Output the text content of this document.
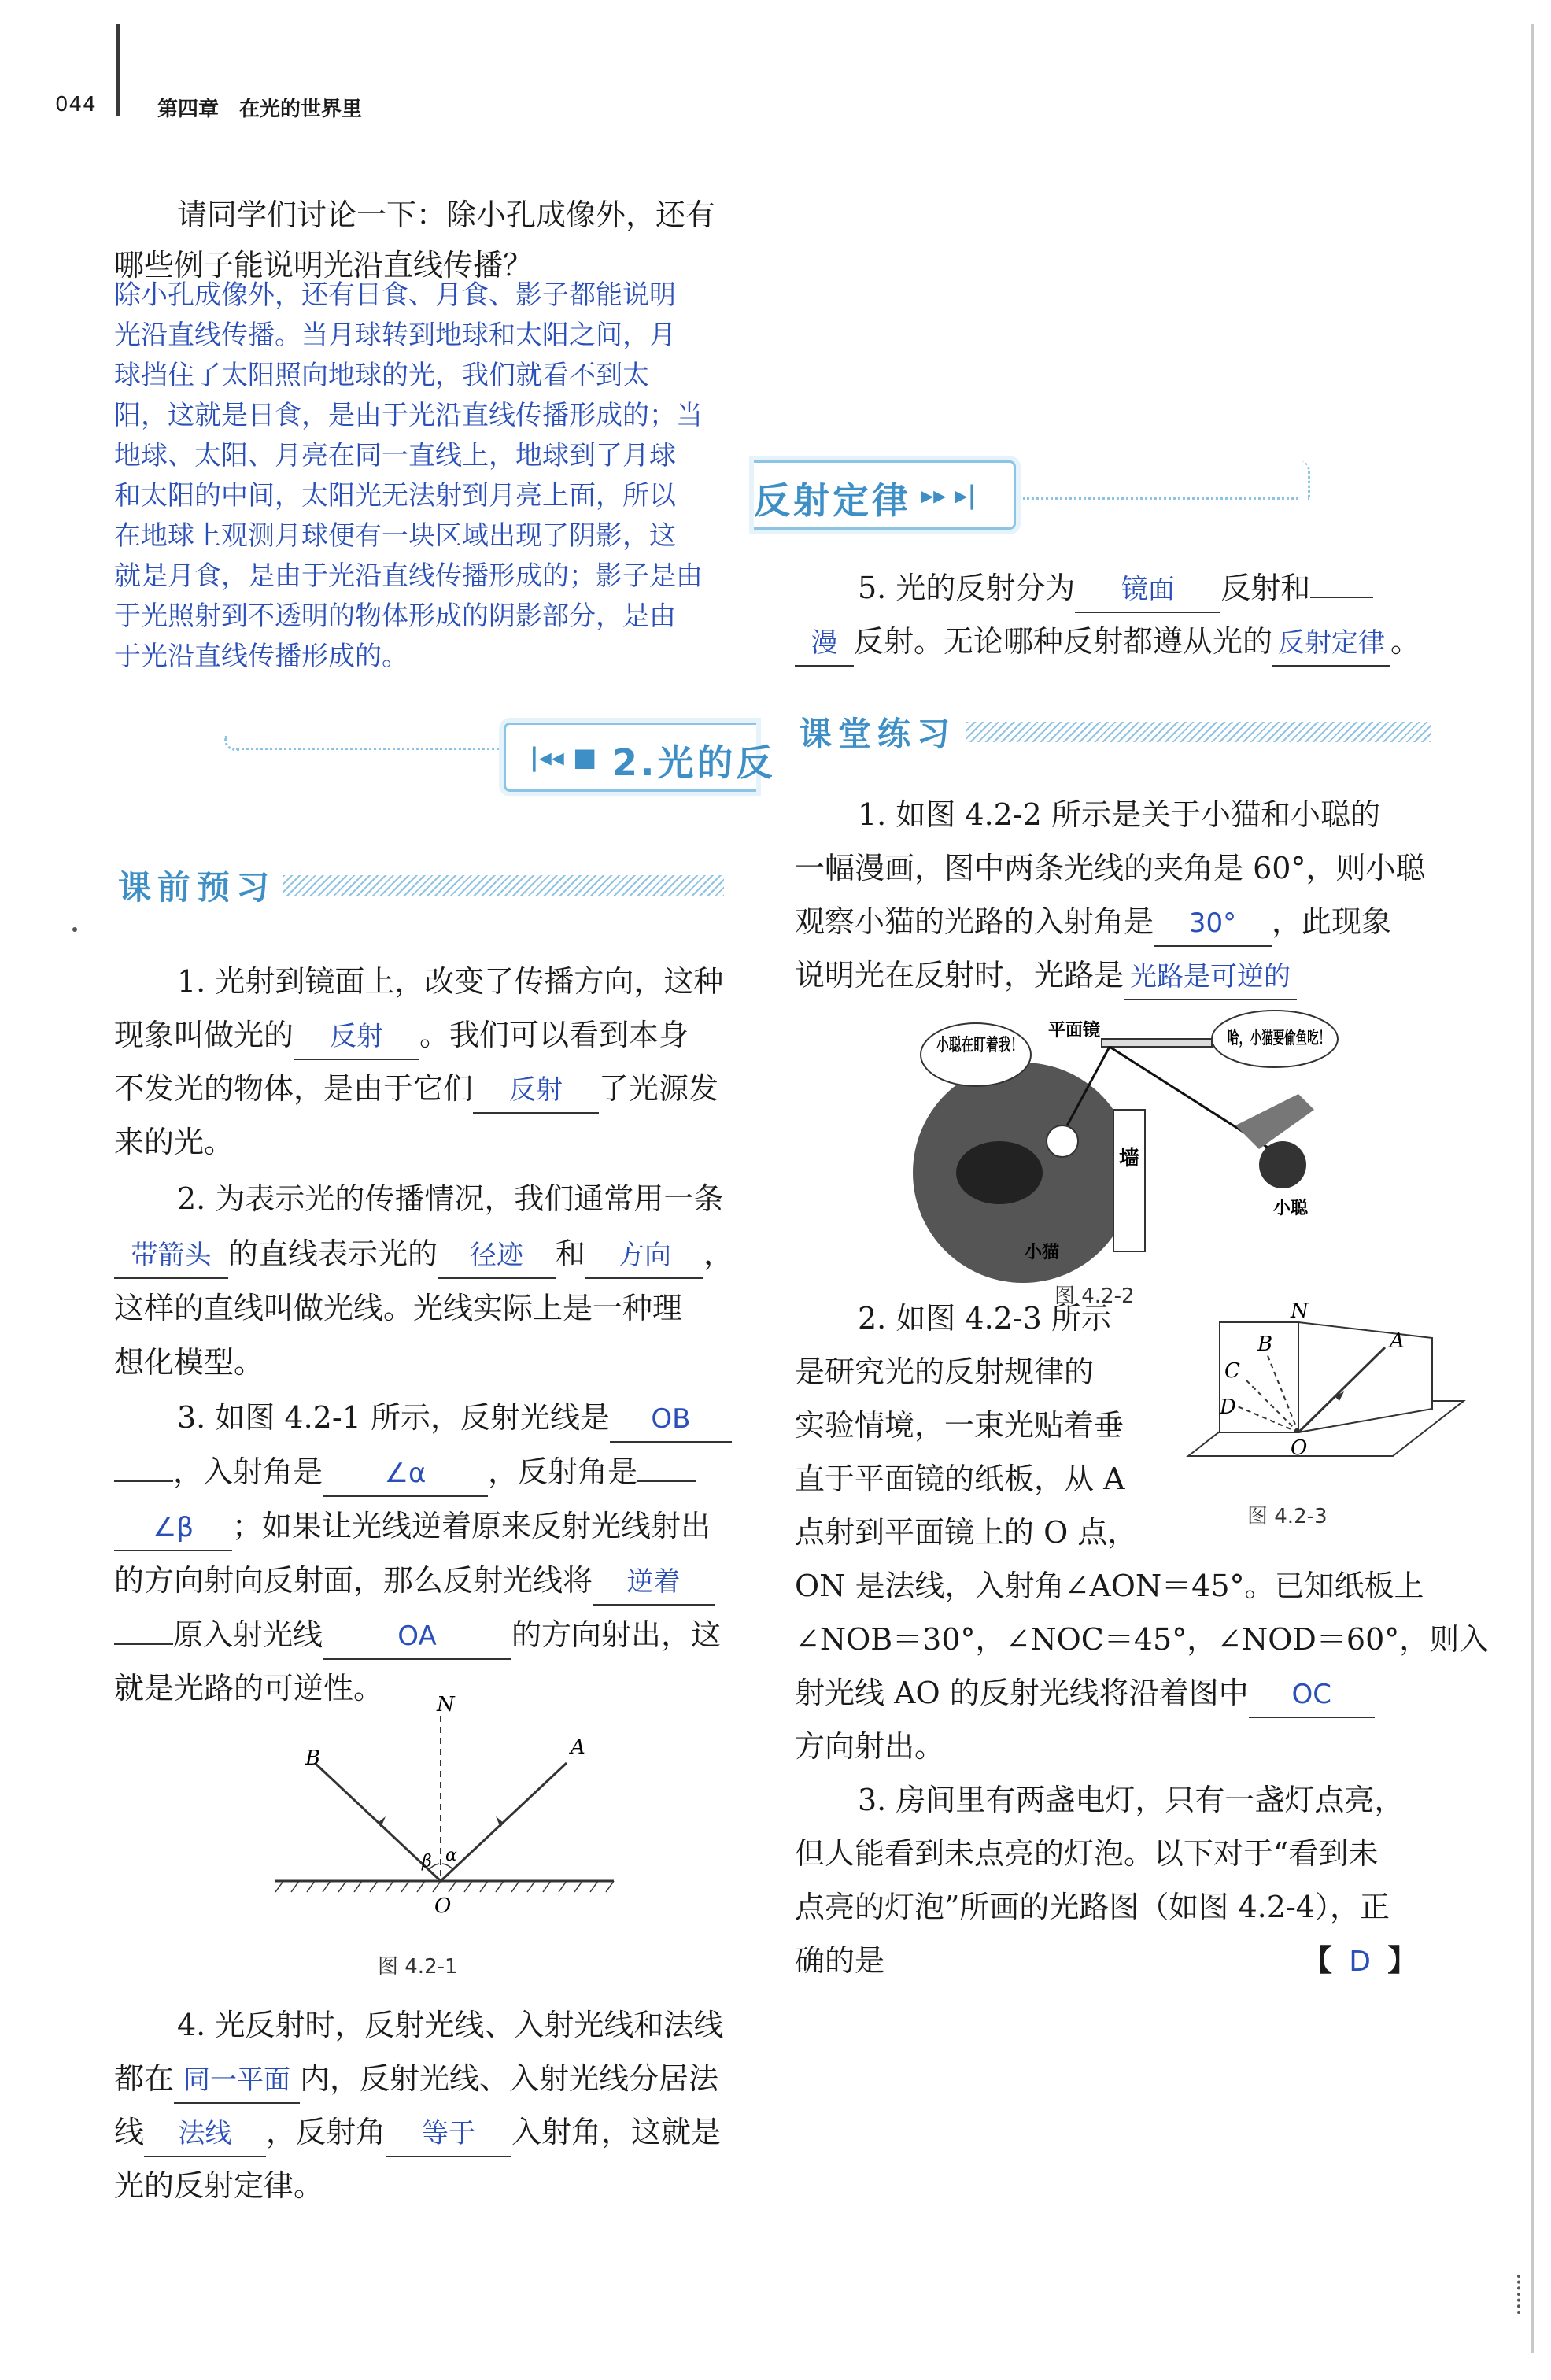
044	第四章　在光的世界里
请同学们讨论一下：除小孔成像外，还有
哪些例子能说明光沿直线传播？
除小孔成像外，还有日食、月食、影子都能说明
光沿直线传播。当月球转到地球和太阳之间，月
球挡住了太阳照向地球的光，我们就看不到太
阳，这就是日食，是由于光沿直线传播形成的；当
地球、太阳、月亮在同一直线上，地球到了月球
和太阳的中间，太阳光无法射到月亮上面，所以
在地球上观测月球便有一块区域出现了阴影，这
就是月食，是由于光沿直线传播形成的；影子是由
于光照射到不透明的物体形成的阴影部分，是由
于光沿直线传播形成的。
反射定律 ▸▸ ▸|
|◂◂ ■ 2.光的反
课前预习
1. 光射到镜面上，改变了传播方向，这种
现象叫做光的 反射 。我们可以看到本身
不发光的物体，是由于它们 反射 了光源发
来的光。
2. 为表示光的传播情况，我们通常用一条
带箭头 的直线表示光的 径迹 和 方向 ，
这样的直线叫做光线。光线实际上是一种理
想化模型。
3. 如图 4.2-1 所示，反射光线是 OB
，入射角是 ∠α ，反射角是
∠β ；如果让光线逆着原来反射光线射出
的方向射向反射面，那么反射光线将 逆着
原入射光线	OA	的方向射出，这
就是光路的可逆性。	N
A
B
O
α
β
图 4.2-1
4. 光反射时，反射光线、入射光线和法线
都在 同一平面 内，反射光线、入射光线分居法
线 法线 ，反射角 等于 入射角，这就是
光的反射定律。
5. 光的反射分为 镜面 反射和
漫 反射。无论哪种反射都遵从光的 反射定律 。
课堂练习
1. 如图 4.2-2 所示是关于小猫和小聪的
一幅漫画，图中两条光线的夹角是 60°，则小聪
观察小猫的光路的入射角是 30° ，此现象
说明光在反射时，光路是 光路是可逆的
墙
小聪在盯着我！	哈，小猫要偷鱼吃！
平面镜
小猫
小聪
图 4.2-2
2. 如图 4.2-3 所示
是研究光的反射规律的
实验情境，一束光贴着垂
直于平面镜的纸板，从 A
点射到平面镜上的 O 点，
ON 是法线，入射角∠AON＝45°。已知纸板上
∠NOB＝30°，∠NOC＝45°，∠NOD＝60°，则入
射光线 AO 的反射光线将沿着图中 OC
方向射出。
N
A
B
C
D
O
图 4.2-3
3. 房间里有两盏电灯，只有一盏灯点亮，
但人能看到未点亮的灯泡。以下对于“看到未
点亮的灯泡”所画的光路图（如图 4.2-4），正
确的是	【 D 】
